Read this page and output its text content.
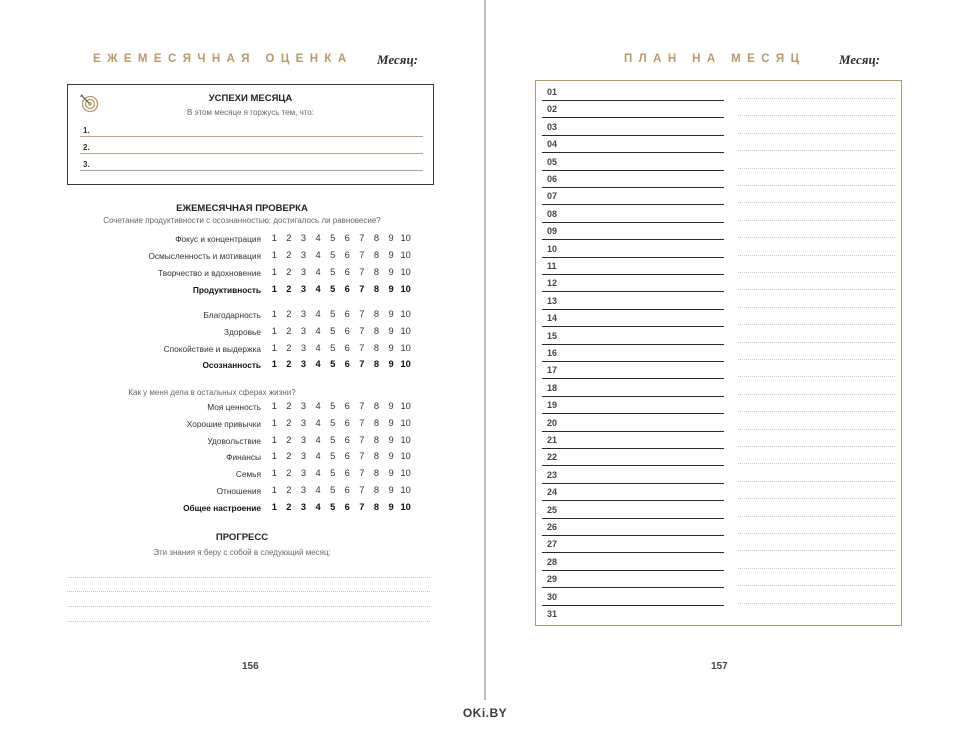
ЕЖЕМЕСЯЧНАЯ ОЦЕНКА Месяц:
УСПЕХИ МЕСЯЦА
В этом месяце я горжусь тем, что:
1.
2.
3.
ЕЖЕМЕСЯЧНАЯ ПРОВЕРКА
Сочетание продуктивности с осознанностью: достигалось ли равновесие?
Фокус и концентрация	1	2	3	4	5	6	7	8	9 10
Осмысленность и мотивация	1	2	3	4	5	6	7	8	9 10
Творчество и вдохновение	1	2	3	4	5	6	7	8	9 10
Продуктивность	1	2	3	4	5	6	7	8	9 10
Благодарность	1	2	3	4	5	6	7	8	9 10
Здоровье	1	2	3	4	5	6	7	8	9 10
Спокойствие и выдержка	1	2	3	4	5	6	7	8	9 10
Осознанность	1	2	3	4	5	6	7	8	9 10
Моя ценность	1	2	3	4	5	6	7	8	9 10
Хорошие привычки	1	2	3	4	5	6	7	8	9 10
Удовольствие	1	2	3	4	5	6	7	8	9 10
Финансы	1	2	3	4	5	6	7	8	9 10
Семья	1	2	3	4	5	6	7	8	9 10
Отношения	1	2	3	4	5	6	7	8	9 10
Общее настроение	1	2	3	4	5	6	7	8	9 10
Как у меня дела в остальных сферах жизни?
ПРОГРЕСС
Эти знания я беру с собой в следующий месяц:
156
ПЛАН НА МЕСЯЦ	Месяц:
01
02
03
04
05
06
07
08
09
10
11
12
13
14
15
16
17
18
19
20
21
22
23
24
25
26
27
28
29
30
31
157
OKi.BY
